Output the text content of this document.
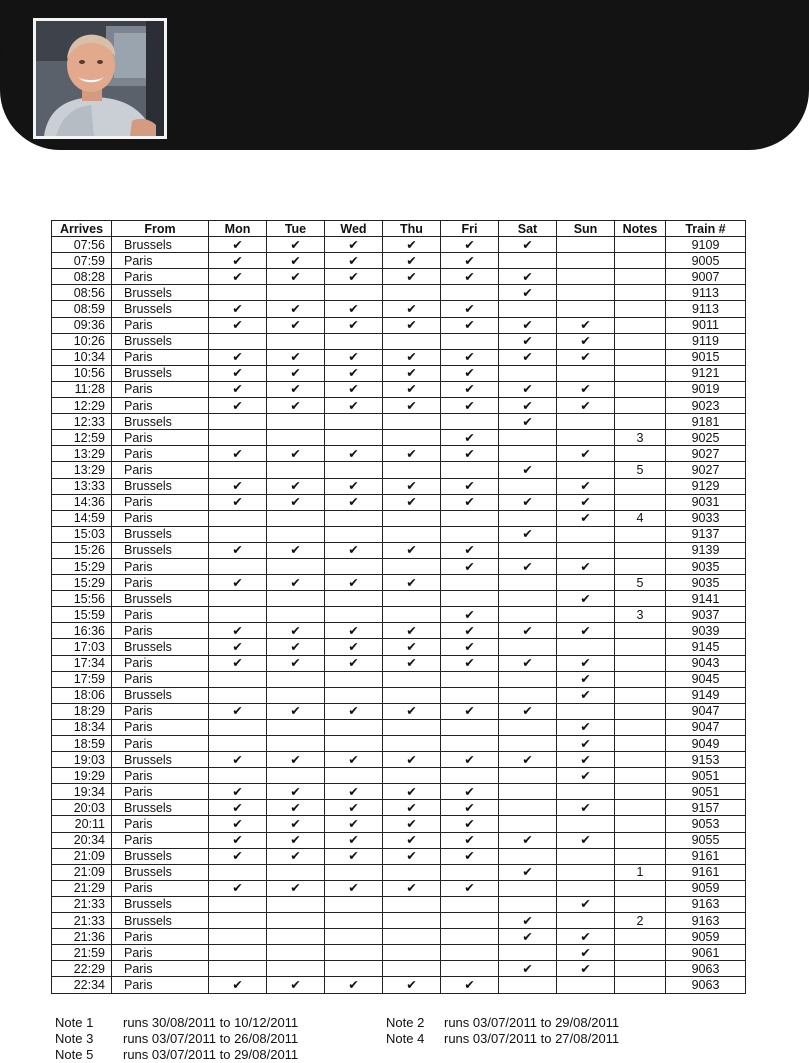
Arrives	From	Mon	Tue	Wed	Thu	Fri	Sat	Sun	Notes	Train #
07:56	Brussels	✔	✔	✔	✔	✔	✔			9109
07:59	Paris	✔	✔	✔	✔	✔				9005
08:28	Paris	✔	✔	✔	✔	✔	✔			9007
08:56	Brussels						✔			9113
08:59	Brussels	✔	✔	✔	✔	✔				9113
09:36	Paris	✔	✔	✔	✔	✔	✔	✔		9011
10:26	Brussels						✔	✔		9119
10:34	Paris	✔	✔	✔	✔	✔	✔	✔		9015
10:56	Brussels	✔	✔	✔	✔	✔				9121
11:28	Paris	✔	✔	✔	✔	✔	✔	✔		9019
12:29	Paris	✔	✔	✔	✔	✔	✔	✔		9023
12:33	Brussels						✔			9181
12:59	Paris					✔			3	9025
13:29	Paris	✔	✔	✔	✔	✔		✔		9027
13:29	Paris						✔		5	9027
13:33	Brussels	✔	✔	✔	✔	✔		✔		9129
14:36	Paris	✔	✔	✔	✔	✔	✔	✔		9031
14:59	Paris							✔	4	9033
15:03	Brussels						✔			9137
15:26	Brussels	✔	✔	✔	✔	✔				9139
15:29	Paris					✔	✔	✔		9035
15:29	Paris	✔	✔	✔	✔				5	9035
15:56	Brussels							✔		9141
15:59	Paris					✔			3	9037
16:36	Paris	✔	✔	✔	✔	✔	✔	✔		9039
17:03	Brussels	✔	✔	✔	✔	✔				9145
17:34	Paris	✔	✔	✔	✔	✔	✔	✔		9043
17:59	Paris							✔		9045
18:06	Brussels							✔		9149
18:29	Paris	✔	✔	✔	✔	✔	✔			9047
18:34	Paris							✔		9047
18:59	Paris							✔		9049
19:03	Brussels	✔	✔	✔	✔	✔	✔	✔		9153
19:29	Paris							✔		9051
19:34	Paris	✔	✔	✔	✔	✔				9051
20:03	Brussels	✔	✔	✔	✔	✔		✔		9157
20:11	Paris	✔	✔	✔	✔	✔				9053
20:34	Paris	✔	✔	✔	✔	✔	✔	✔		9055
21:09	Brussels	✔	✔	✔	✔	✔				9161
21:09	Brussels						✔		1	9161
21:29	Paris	✔	✔	✔	✔	✔				9059
21:33	Brussels							✔		9163
21:33	Brussels						✔		2	9163
21:36	Paris						✔	✔		9059
21:59	Paris							✔		9061
22:29	Paris						✔	✔		9063
22:34	Paris	✔	✔	✔	✔	✔				9063
Note 1 runs 30/08/2011 to 10/12/2011	Note 2 runs 03/07/2011 to 29/08/2011
Note 3 runs 03/07/2011 to 26/08/2011	Note 4 runs 03/07/2011 to 27/08/2011
Note 5 runs 03/07/2011 to 29/08/2011
